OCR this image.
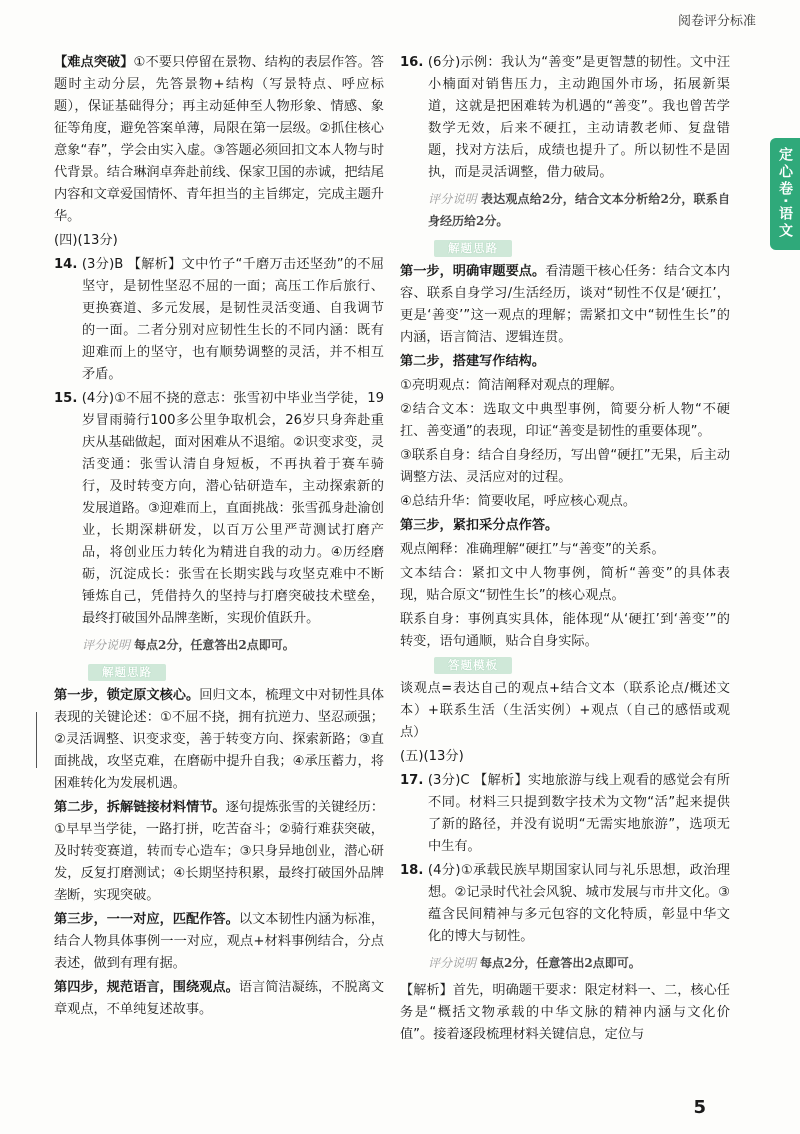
阅卷评分标准
定心卷·语文

【难点突破】①不要只停留在景物、结构的表层作答。答题时主动分层，先答景物+结构（写景特点、呼应标题），保证基础得分；再主动延伸至人物形象、情感、象征等角度，避免答案单薄，局限在第一层级。②抓住核心意象“春”，学会由实入虚。③答题必须回扣文本人物与时代背景。结合琳润卓奔赴前线、保家卫国的赤诚，把结尾内容和文章爱国情怀、青年担当的主旨绑定，完成主题升华。

(四)(13分)

14. (3分)B 【解析】文中竹子“千磨万击还坚劲”的不屈坚守，是韧性坚忍不屈的一面；高压工作后旅行、更换赛道、多元发展，是韧性灵活变通、自我调节的一面。二者分别对应韧性生长的不同内涵：既有迎难而上的坚守，也有顺势调整的灵活，并不相互矛盾。

15. (4分)①不屈不挠的意志：张雪初中毕业当学徒，19岁冒雨骑行100多公里争取机会，26岁只身奔赴重庆从基础做起，面对困难从不退缩。②识变求变，灵活变通：张雪认清自身短板，不再执着于赛车骑行，及时转变方向，潜心钻研造车，主动探索新的发展道路。③迎难而上，直面挑战：张雪孤身赴渝创业，长期深耕研发，以百万公里严苛测试打磨产品，将创业压力转化为精进自我的动力。④历经磨砺，沉淀成长：张雪在长期实践与攻坚克难中不断锤炼自己，凭借持久的坚持与打磨突破技术壁垒，最终打破国外品牌垄断，实现价值跃升。

评分说明 每点2分，任意答出2点即可。
解题思路

第一步，锁定原文核心。回归文本，梳理文中对韧性具体表现的关键论述：①不屈不挠，拥有抗逆力、坚忍顽强；②灵活调整、识变求变，善于转变方向、探索新路；③直面挑战，攻坚克难，在磨砺中提升自我；④承压蓄力，将困难转化为发展机遇。

第二步，拆解链接材料情节。逐句提炼张雪的关键经历：①早早当学徒，一路打拼，吃苦奋斗；②骑行难获突破，及时转变赛道，转而专心造车；③只身异地创业，潜心研发，反复打磨测试；④长期坚持积累，最终打破国外品牌垄断，实现突破。

第三步，一一对应，匹配作答。以文本韧性内涵为标准，结合人物具体事例一一对应，观点+材料事例结合，分点表述，做到有理有据。

第四步，规范语言，围绕观点。语言简洁凝练，不脱离文章观点，不单纯复述故事。

16. (6分)示例：我认为“善变”是更智慧的韧性。文中汪小楠面对销售压力，主动跑国外市场，拓展新渠道，这就是把困难转为机遇的“善变”。我也曾苦学数学无效，后来不硬扛，主动请教老师、复盘错题，找对方法后，成绩也提升了。所以韧性不是固执，而是灵活调整，借力破局。

评分说明 表达观点给2分，结合文本分析给2分，联系自身经历给2分。
解题思路

第一步，明确审题要点。看清题干核心任务：结合文本内容、联系自身学习/生活经历，谈对“韧性不仅是‘硬扛’，更是‘善变’”这一观点的理解；需紧扣文中“韧性生长”的内涵，语言简洁、逻辑连贯。

第二步，搭建写作结构。

①亮明观点：简洁阐释对观点的理解。

②结合文本：选取文中典型事例，简要分析人物“不硬扛、善变通”的表现，印证“善变是韧性的重要体现”。

③联系自身：结合自身经历，写出曾“硬扛”无果，后主动调整方法、灵活应对的过程。

④总结升华：简要收尾，呼应核心观点。

第三步，紧扣采分点作答。

观点阐释：准确理解“硬扛”与“善变”的关系。

文本结合：紧扣文中人物事例，简析“善变”的具体表现，贴合原文“韧性生长”的核心观点。

联系自身：事例真实具体，能体现“从‘硬扛’到‘善变’”的转变，语句通顺，贴合自身实际。

答题模板

谈观点=表达自己的观点+结合文本（联系论点/概述文本）+联系生活（生活实例）+观点（自己的感悟或观点）

(五)(13分)

17. (3分)C 【解析】实地旅游与线上观看的感觉会有所不同。材料三只提到数字技术为文物“活”起来提供了新的路径，并没有说明“无需实地旅游”，选项无中生有。

18. (4分)①承载民族早期国家认同与礼乐思想，政治理想。②记录时代社会风貌、城市发展与市井文化。③蕴含民间精神与多元包容的文化特质，彰显中华文化的博大与韧性。

评分说明 每点2分，任意答出2点即可。

【解析】首先，明确题干要求：限定材料一、二，核心任务是“概括文物承载的中华文脉的精神内涵与文化价值”。接着逐段梳理材料关键信息，定位与

5
